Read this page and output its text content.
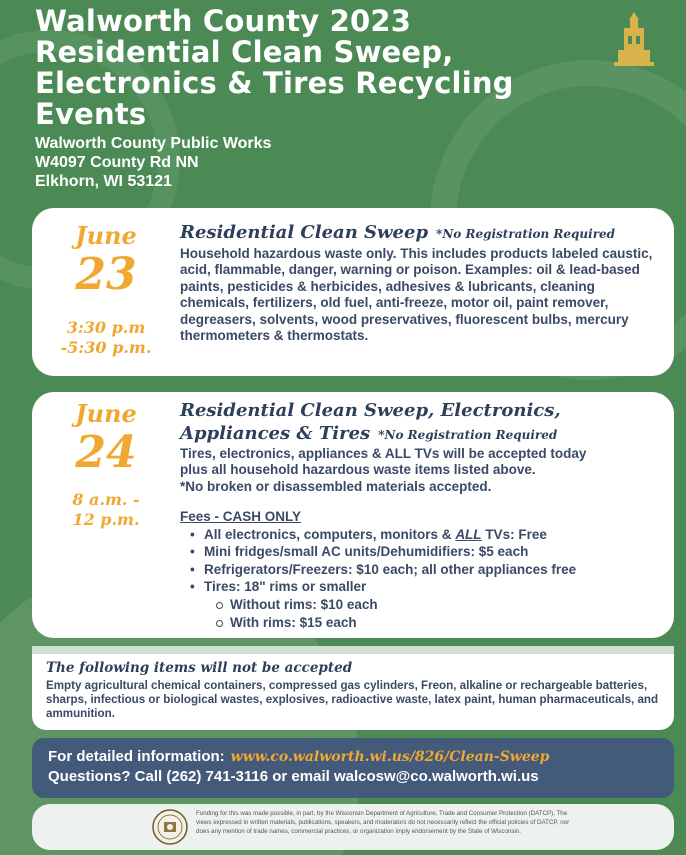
Walworth County 2023
Residential Clean Sweep,
Electronics & Tires Recycling
Events
Walworth County Public Works
W4097 County Rd NN
Elkhorn, WI 53121
June
23
3:30 p.m
-5:30 p.m.
Residential Clean Sweep *No Registration Required
Household hazardous waste only. This includes products labeled caustic, acid, flammable, danger, warning or poison. Examples: oil & lead-based paints, pesticides & herbicides, adhesives & lubricants, cleaning chemicals, fertilizers, old fuel, anti-freeze, motor oil, paint remover, degreasers, solvents, wood preservatives, fluorescent bulbs, mercury thermometers & thermostats.
June
24
8 a.m. -
12 p.m.
Residential Clean Sweep, Electronics,
Appliances & Tires *No Registration Required
Tires, electronics, appliances & ALL TVs will be accepted today
plus all household hazardous waste items listed above.
*No broken or disassembled materials accepted.
Fees - CASH ONLY
• All electronics, computers, monitors & ALL TVs: Free
• Mini fridges/small AC units/Dehumidifiers: $5 each
• Refrigerators/Freezers: $10 each; all other appliances free
• Tires: 18" rims or smaller
Without rims: $10 each
With rims: $15 each
The following items will not be accepted
Empty agricultural chemical containers, compressed gas cylinders, Freon, alkaline or rechargeable batteries, sharps, infectious or biological wastes, explosives, radioactive waste, latex paint, human pharmaceuticals, and ammunition.
For detailed information: www.co.walworth.wi.us/826/Clean-Sweep
Questions? Call (262) 741-3116 or email walcosw@co.walworth.wi.us
Funding for this was made possible, in part, by the Wisconsin Department of Agriculture, Trade and Consumer Protection (DATCP). The views expressed in written materials, publications, speakers, and moderators do not necessarily reflect the official policies of DATCP, nor does any mention of trade names, commercial practices, or organization imply endorsement by the State of Wisconsin.
